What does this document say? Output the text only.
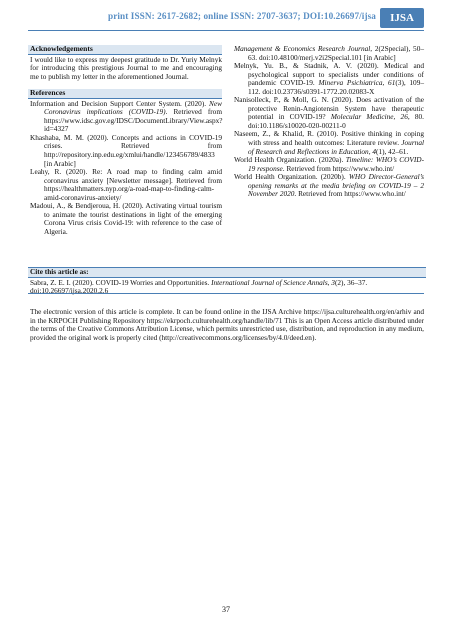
print ISSN: 2617-2682; online ISSN: 2707-3637; DOI:10.26697/ijsa	IJSA
Acknowledgements

I would like to express my deepest gratitude to Dr. Yuriy Melnyk for introducing this prestigious Journal to me and encouraging me to publish my letter in the aforementioned Journal.

References

Information and Decision Support Center System. (2020). New Coronavirus implications (COVID-19). Retrieved from https://www.idsc.gov.eg/IDSC/DocumentLibrary/View.aspx?id=4327

Khashaba, M. M. (2020). Concepts and actions in COVID-19 crises. Retrieved from http://repository.inp.edu.eg/xmlui/handle/123456789/4833 [in Arabic]

Leahy, R. (2020). Re: A road map to finding calm amid coronavirus anxiety [Newsletter message]. Retrieved from https://healthmatters.nyp.org/a-road-map-to-finding-calm-amid-coronavirus-anxiety/

Madoui, A., & Bendjeroua, H. (2020). Activating virtual tourism to animate the tourist destinations in light of the emerging Corona Virus crisis Covid-19: with reference to the case of Algeria.

Management & Economics Research Journal, 2(2Special), 50–63. doi:10.48100/merj.v2i2Special.101 [in Arabic]

Melnyk, Yu. B., & Stadnik, A. V. (2020). Medical and psychological support to specialists under conditions of pandemic COVID-19. Minerva Psichiatrica, 61(3), 109–112. doi:10.23736/s0391-1772.20.02083-X

Nanisolleck, P., & Moll, G. N. (2020). Does activation of the protective Renin-Angiotensin System have therapeutic potential in COVID-19? Molecular Medicine, 26, 80. doi:10.1186/s10020-020-00211-0

Naseem, Z., & Khalid, R. (2010). Positive thinking in coping with stress and health outcomes: Literature review. Journal of Research and Reflections in Education, 4(1), 42–61.

World Health Organization. (2020a). Timeline: WHO’s COVID-19 response. Retrieved from https://www.who.int/

World Health Organization. (2020b). WHO Director-General’s opening remarks at the media briefing on COVID-19 – 2 November 2020. Retrieved from https://www.who.int/

Cite this article as:
Sabra, Z. E. I. (2020). COVID-19 Worries and Opportunities. International Journal of Science Annals, 3(2), 36–37. doi:10.26697/ijsa.2020.2.6

The electronic version of this article is complete. It can be found online in the IJSA Archive https://ijsa.culturehealth.org/en/arhiv and in the KRPOCH Publishing Repository https://ekrpoch.culturehealth.org/handle/lib/71 This is an Open Access article distributed under the terms of the Creative Commons Attribution License, which permits unrestricted use, distribution, and reproduction in any medium, provided the original work is properly cited (http://creativecommons.org/licenses/by/4.0/deed.en).

37
